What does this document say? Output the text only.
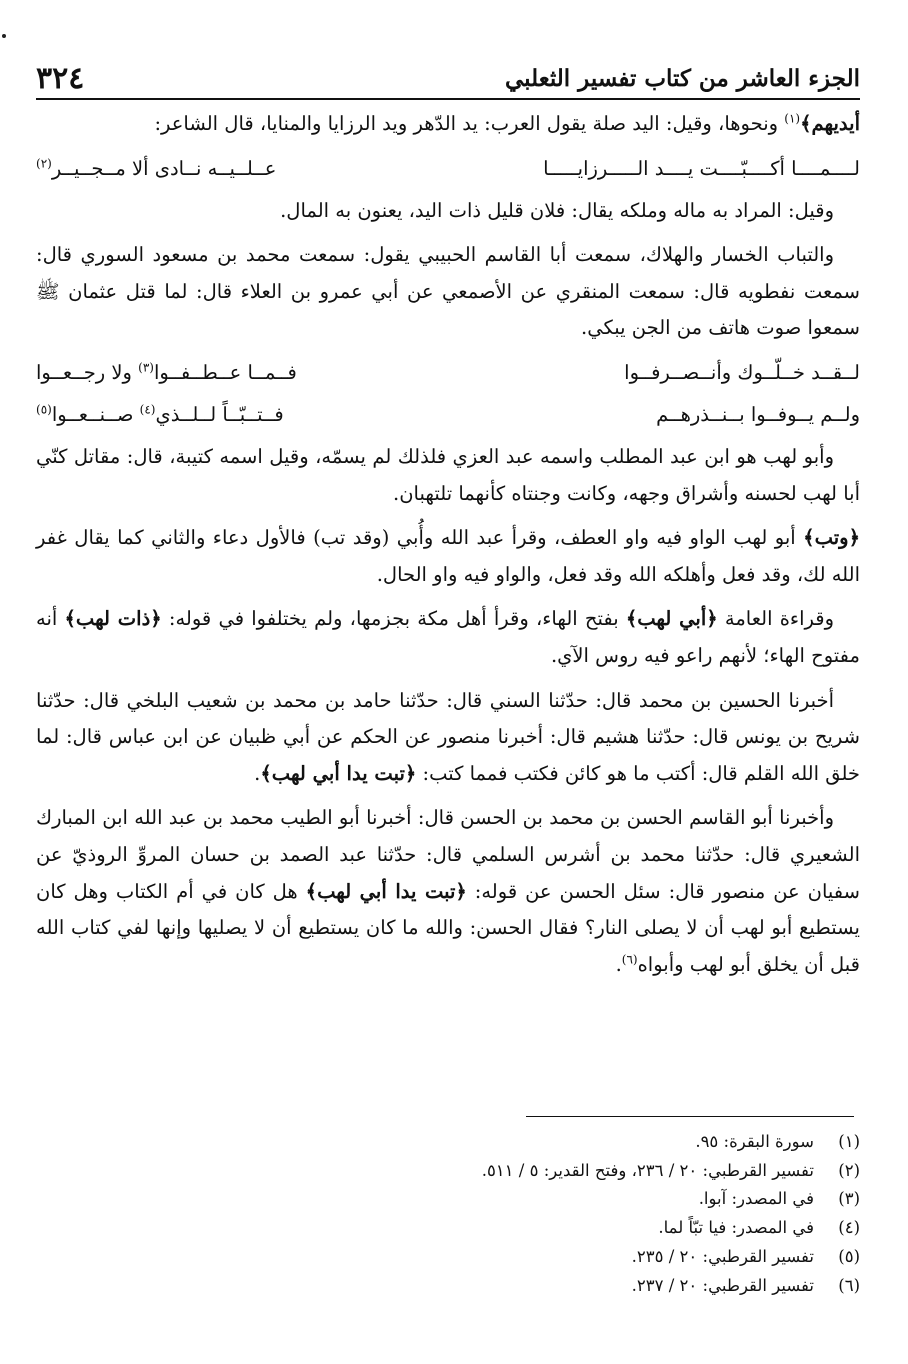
٣٢٤	الجزء العاشر من كتاب تفسير الثعلبي

أيديهم﴾$^{(١)}$ ونحوها، وقيل: اليد صلة يقول العرب: يد الدّهر ويد الرزايا والمنايا، قال الشاعر:

لــــمــــا أكــــبّــــت يــــد الـــــرزايـــــا
عــلــيــه نــادى ألا مــجــيــر$^{(٢)}$

وقيل: المراد به ماله وملكه يقال: فلان قليل ذات اليد، يعنون به المال.

والتباب الخسار والهلاك، سمعت أبا القاسم الحبيبي يقول: سمعت محمد بن مسعود السوري قال: سمعت نفطويه قال: سمعت المنقري عن الأصمعي عن أبي عمرو بن العلاء قال: لما قتل عثمان ﷺ سمعوا صوت هاتف من الجن يبكي.

لــقــد خــلّــوك وأنــصــرفــوا
فــمــا عــطــفــوا$^{(٣)}$ ولا رجــعــوا
ولــم يــوفــوا بــنــذرهــم
فــتــبّــاً لــلــذي$^{(٤)}$ صــنــعــوا$^{(٥)}$

وأبو لهب هو ابن عبد المطلب واسمه عبد العزي فلذلك لم يسمّه، وقيل اسمه كتيبة، قال: مقاتل كنّي أبا لهب لحسنه وأشراق وجهه، وكانت وجنتاه كأنهما تلتهبان.

﴿وتب﴾ أبو لهب الواو فيه واو العطف، وقرأ عبد الله وأُبي (وقد تب) فالأول دعاء والثاني كما يقال غفر الله لك، وقد فعل وأهلكه الله وقد فعل، والواو فيه واو الحال.

وقراءة العامة ﴿أبي لهب﴾ بفتح الهاء، وقرأ أهل مكة بجزمها، ولم يختلفوا في قوله: ﴿ذات لهب﴾ أنه مفتوح الهاء؛ لأنهم راعو فيه روس الآي.

أخبرنا الحسين بن محمد قال: حدّثنا السني قال: حدّثنا حامد بن محمد بن شعيب البلخي قال: حدّثنا شريح بن يونس قال: حدّثنا هشيم قال: أخبرنا منصور عن الحكم عن أبي ظبيان عن ابن عباس قال: لما خلق الله القلم قال: أكتب ما هو كائن فكتب فمما كتب: ﴿تبت يدا أبي لهب﴾.

وأخبرنا أبو القاسم الحسن بن محمد بن الحسن قال: أخبرنا أبو الطيب محمد بن عبد الله ابن المبارك الشعيري قال: حدّثنا محمد بن أشرس السلمي قال: حدّثنا عبد الصمد بن حسان المروِّ الروذيّ عن سفيان عن منصور قال: سئل الحسن عن قوله: ﴿تبت يدا أبي لهب﴾ هل كان في أم الكتاب وهل كان يستطيع أبو لهب أن لا يصلى النار؟ فقال الحسن: والله ما كان يستطيع أن لا يصليها وإنها لفي كتاب الله قبل أن يخلق أبو لهب وأبواه$^{(٦)}$.

(١)
سورة البقرة: ٩٥.
(٢)
تفسير القرطبي: ٢٠ / ٢٣٦، وفتح القدير: ٥ / ٥١١.
(٣)
في المصدر: آبوا.
(٤)
في المصدر: فيا تبّاً لما.
(٥)
تفسير القرطبي: ٢٠ / ٢٣٥.
(٦)
تفسير القرطبي: ٢٠ / ٢٣٧.
